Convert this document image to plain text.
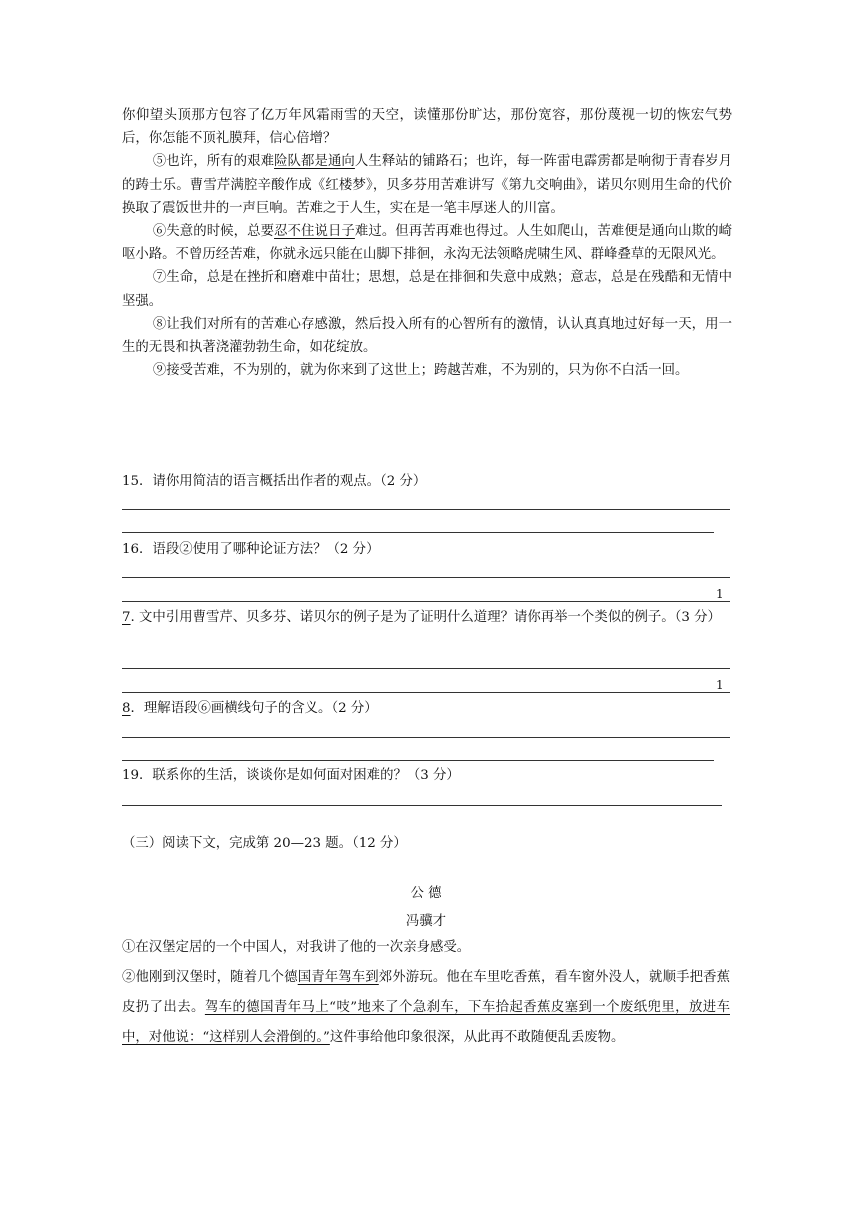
你仰望头顶那方包容了亿万年风霜雨雪的天空，读懂那份旷达，那份宽容，那份蔑视一切的恢宏气势后，你怎能不顶礼膜拜，信心倍增？

⑤也许，所有的艰难险队都是通向人生释站的铺路石；也许，每一阵雷电霹雳都是响彻于青春岁月的踌士乐。曹雪芹满腔辛酸作成《红楼梦》，贝多芬用苦难讲写《第九交响曲》，诺贝尔则用生命的代价换取了震饭世井的一声巨响。苦难之于人生，实在是一笔丰厚迷人的川富。

⑥失意的时候，总要忍不住说日子难过。但再苦再难也得过。人生如爬山，苦难便是通向山欺的崎呕小路。不曾历经苦难，你就永远只能在山脚下排徊，永沟无法领略虎啸生风、群峰叠草的无限风光。

⑦生命，总是在挫折和磨难中苗壮；思想，总是在排徊和失意中成熟；意志，总是在残酷和无情中坚强。

⑧让我们对所有的苦难心存感激，然后投入所有的心智所有的激情，认认真真地过好每一天，用一生的无畏和执著浇灌勃勃生命，如花绽放。

⑨接受苦难，不为别的，就为你来到了这世上；跨越苦难，不为别的，只为你不白活一回。

15．请你用简洁的语言概括出作者的观点。（2 分）

16．语段②使用了哪种论证方法？（2 分）

1

7. 文中引用曹雪芹、贝多芬、诺贝尔的例子是为了证明什么道理？请你再举一个类似的例子。（3 分）

1

8．理解语段⑥画横线句子的含义。（2 分）

19．联系你的生活，谈谈你是如何面对困难的？（3 分）

（三）阅读下文，完成第 20—23 题。（12 分）

公 德

冯骥才

①在汉堡定居的一个中国人，对我讲了他的一次亲身感受。

②他刚到汉堡时，随着几个德国青年驾车到郊外游玩。他在车里吃香蕉，看车窗外没人，就顺手把香蕉皮扔了出去。驾车的德国青年马上“吱”地来了个急刹车，下车拾起香蕉皮塞到一个废纸兜里，放进车中，对他说：“这样别人会滑倒的。”这件事给他印象很深，从此再不敢随便乱丢废物。
